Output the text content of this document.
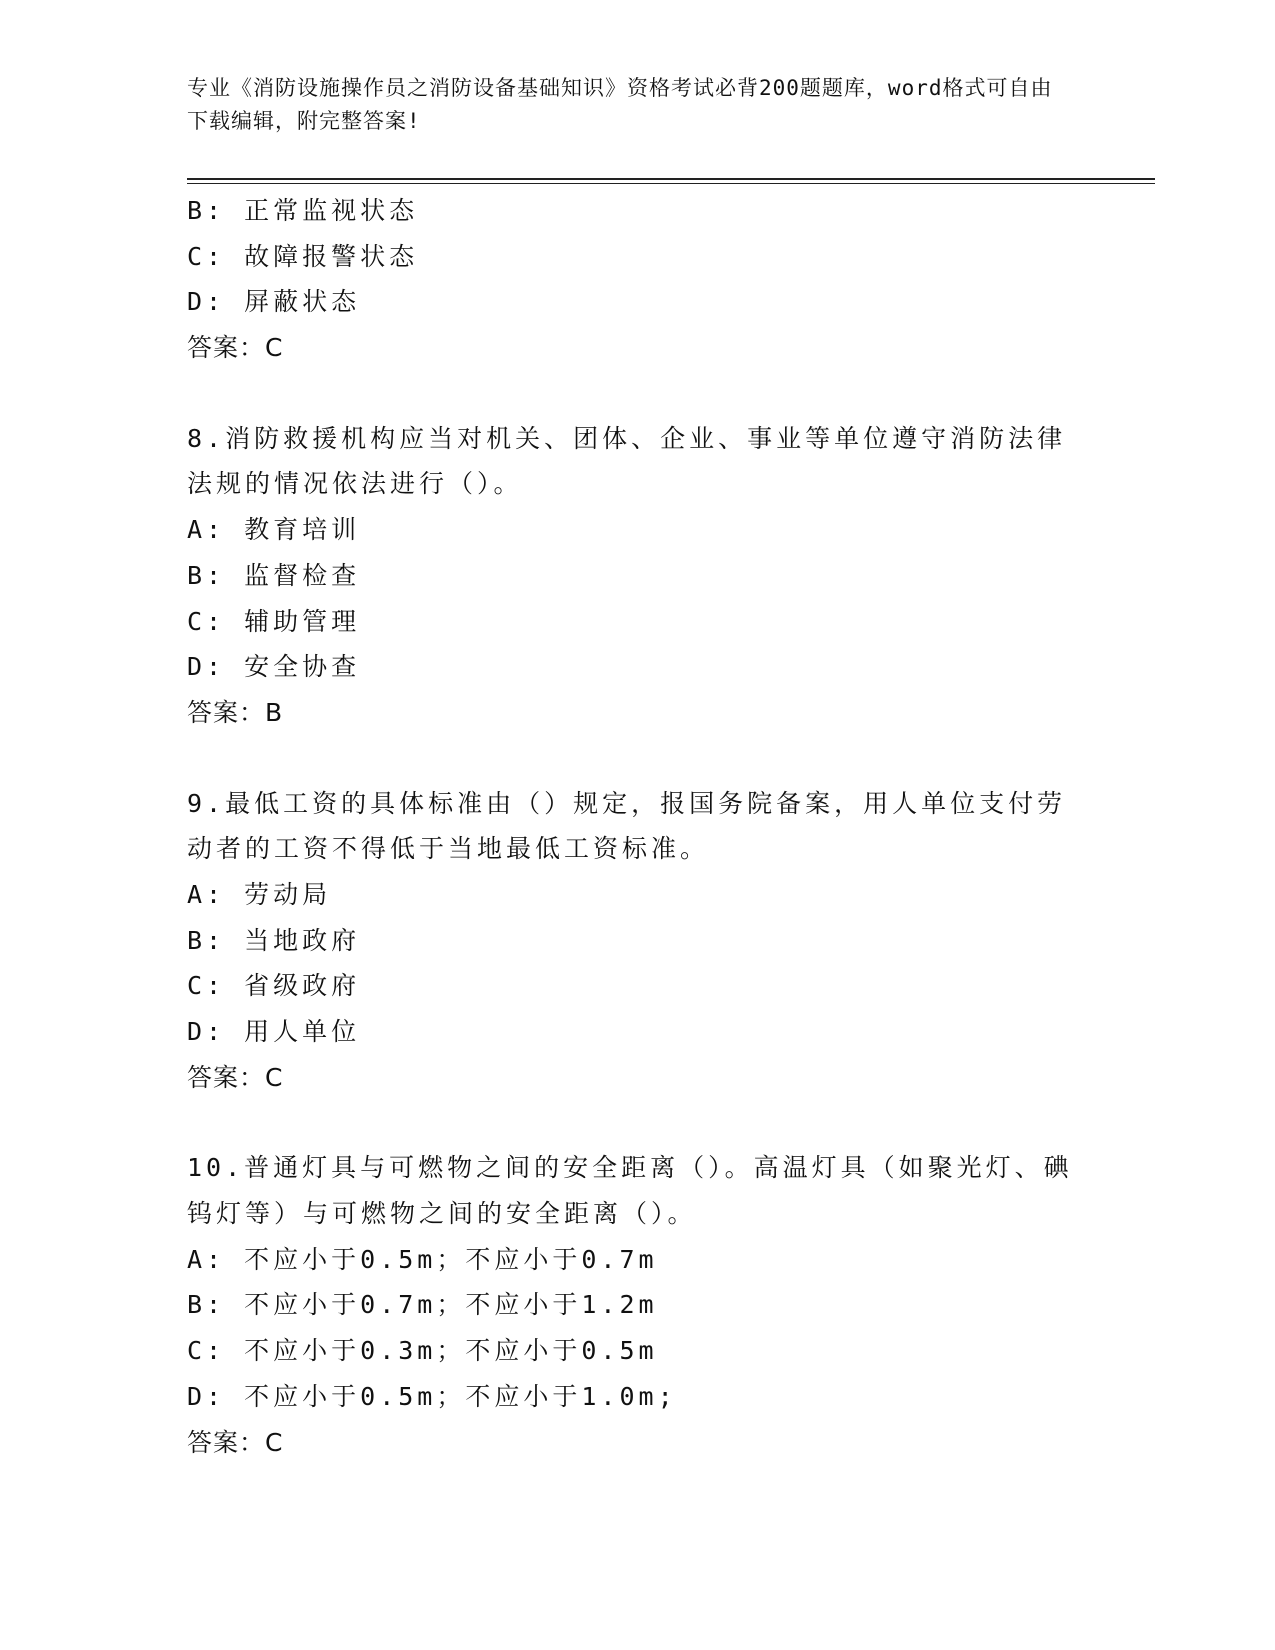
专业《消防设施操作员之消防设备基础知识》资格考试必背200题题库，word格式可自由下载编辑，附完整答案!
B: 正常监视状态
C: 故障报警状态
D: 屏蔽状态
答案：C
8.消防救援机构应当对机关、团体、企业、事业等单位遵守消防法律
法规的情况依法进行（）。
A: 教育培训
B: 监督检查
C: 辅助管理
D: 安全协查
答案：B
9.最低工资的具体标准由（）规定，报国务院备案，用人单位支付劳
动者的工资不得低于当地最低工资标准。
A: 劳动局
B: 当地政府
C: 省级政府
D: 用人单位
答案：C
10.普通灯具与可燃物之间的安全距离（）。高温灯具（如聚光灯、碘
钨灯等）与可燃物之间的安全距离（）。
A: 不应小于0.5m；不应小于0.7m
B: 不应小于0.7m；不应小于1.2m
C: 不应小于0.3m；不应小于0.5m
D: 不应小于0.5m；不应小于1.0m;
答案：C
